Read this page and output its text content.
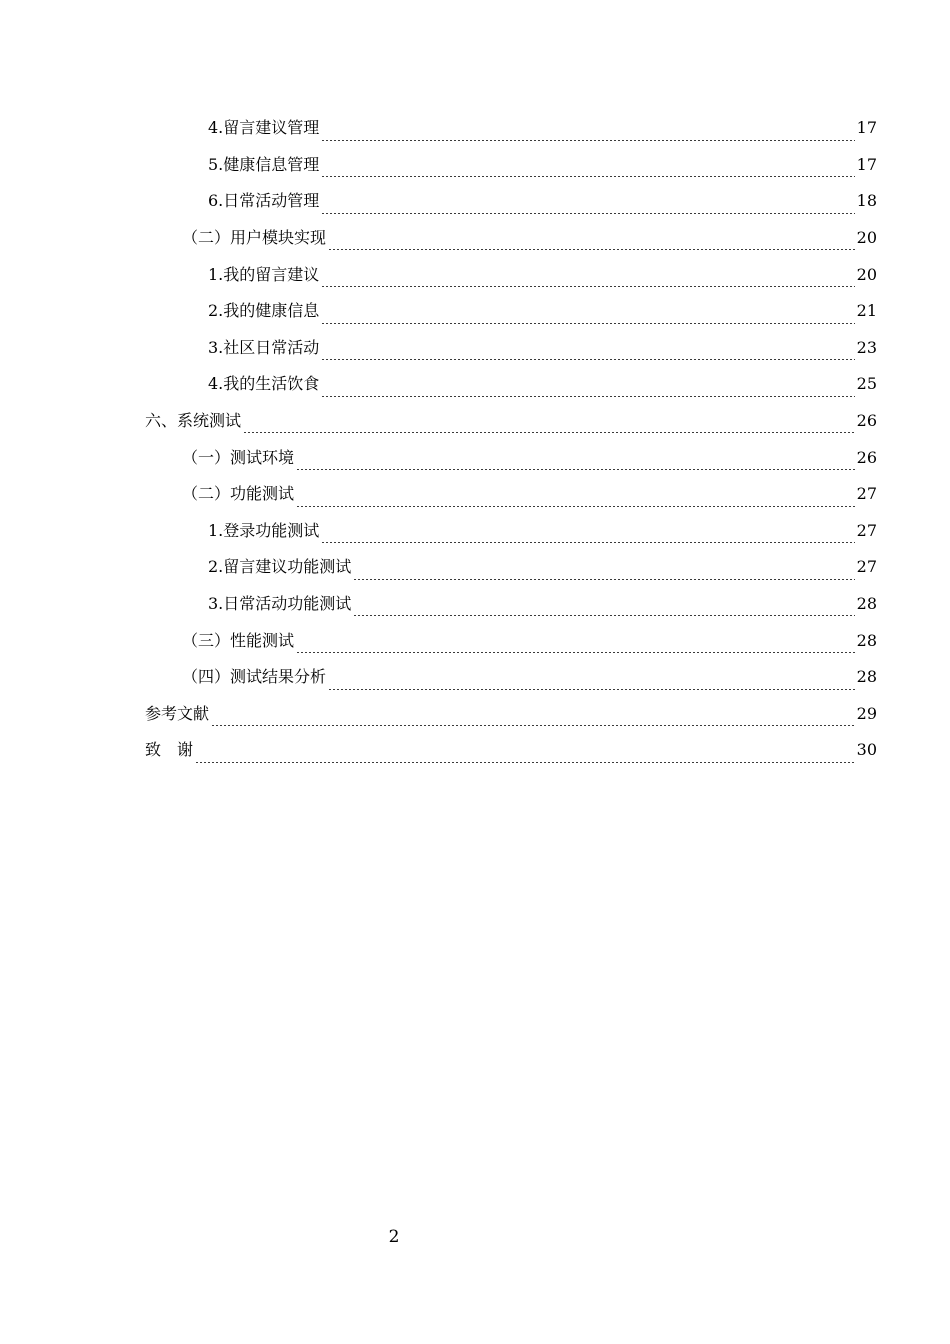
4.留言建议管理	17
5.健康信息管理	17
6.日常活动管理	18
（二）用户模块实现	20
1.我的留言建议	20
2.我的健康信息	21
3.社区日常活动	23
4.我的生活饮食	25
六、系统测试	26
（一）测试环境	26
（二）功能测试	27
1.登录功能测试	27
2.留言建议功能测试	27
3.日常活动功能测试	28
（三）性能测试	28
（四）测试结果分析	28
参考文献	29
致　谢	30
2
